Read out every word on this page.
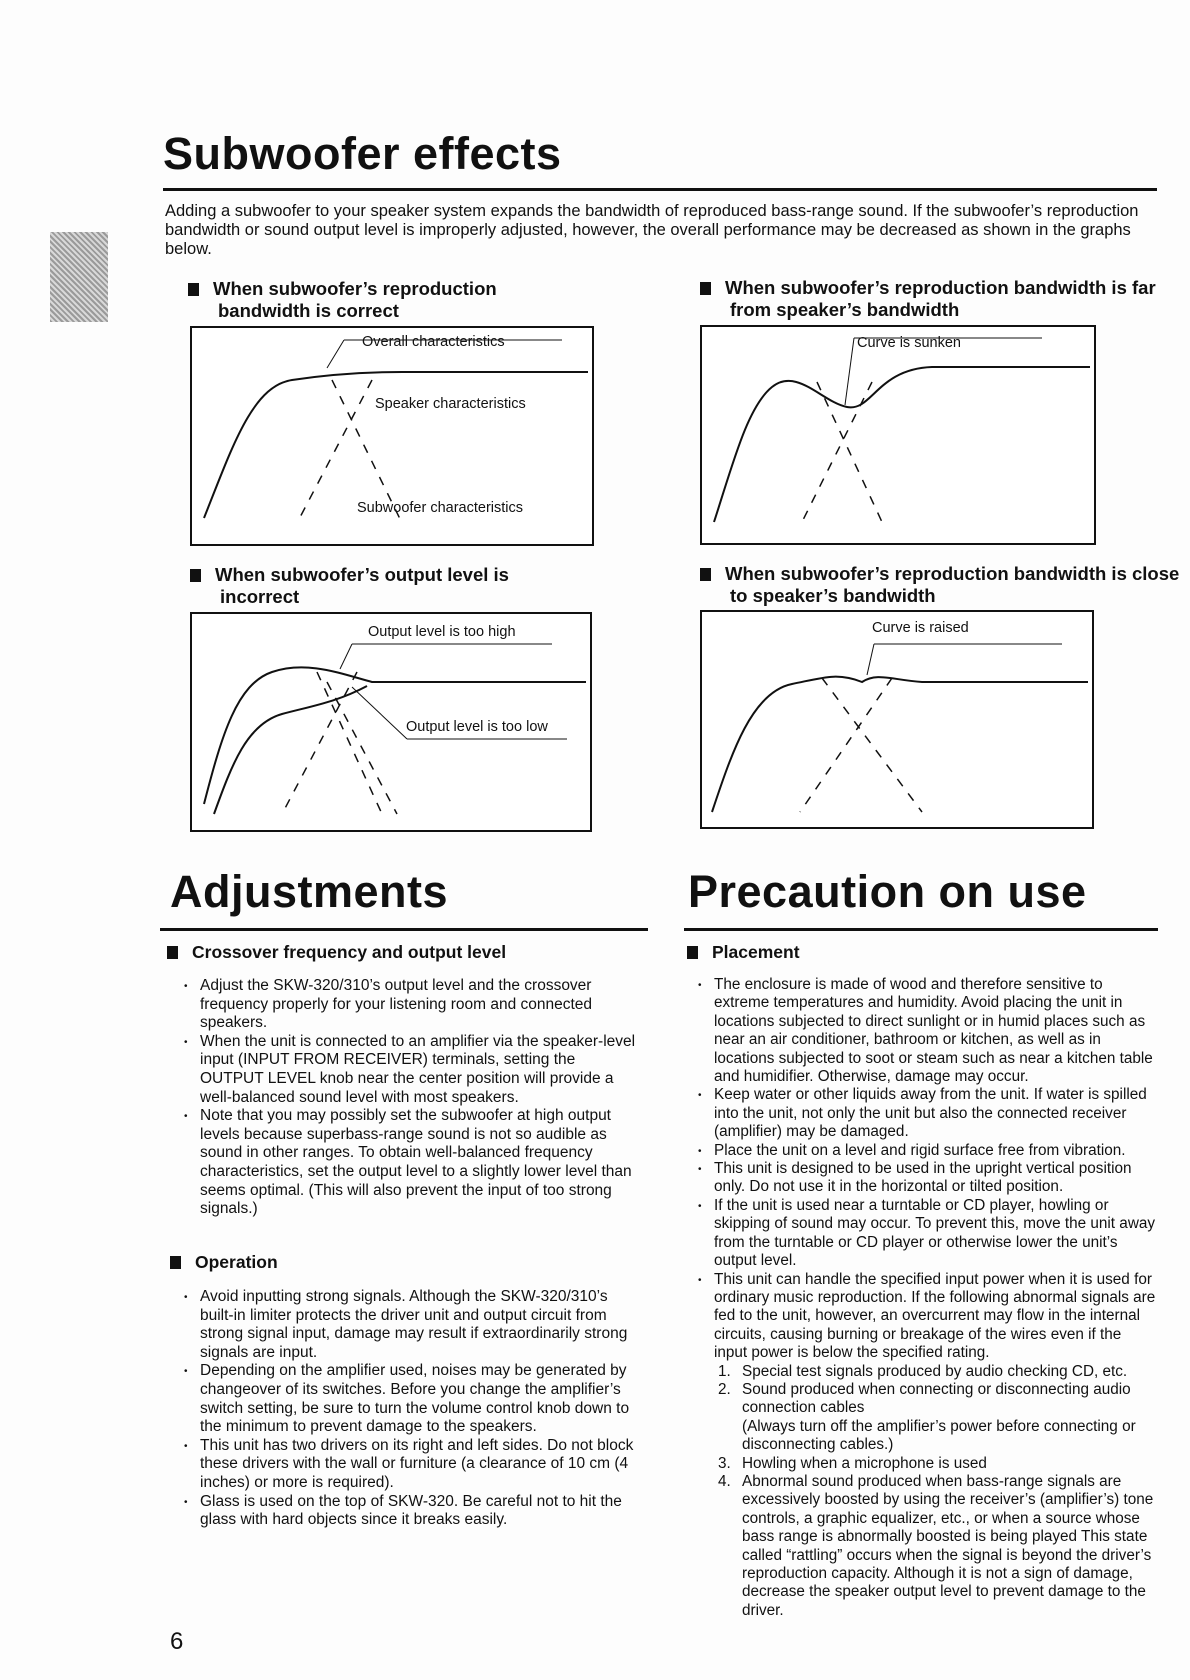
Subwoofer effects
Adding a subwoofer to your speaker system expands the bandwidth of reproduced bass-range sound. If the subwoofer’s reproduction bandwidth or sound output level is improperly adjusted, however, the overall performance may be decreased as shown in the graphs below.
When subwoofer’s reproduction bandwidth is correct
Overall characteristics
Speaker characteristics
Subwoofer characteristics
When subwoofer’s reproduction bandwidth is far from speaker’s bandwidth
Curve is sunken
When subwoofer’s output level is incorrect
Output level is too high
Output level is too low
When subwoofer’s reproduction bandwidth is close to speaker’s bandwidth
Curve is raised
Adjustments
Crossover frequency and output level
• Adjust the SKW-320/310’s output level and the crossover frequency properly for your listening room and connected speakers.
• When the unit is connected to an amplifier via the speaker-level input (INPUT FROM RECEIVER) terminals, setting the OUTPUT LEVEL knob near the center position will provide a well-balanced sound level with most speakers.
• Note that you may possibly set the subwoofer at high output levels because superbass-range sound is not so audible as sound in other ranges. To obtain well-balanced frequency characteristics, set the output level to a slightly lower level than seems optimal. (This will also prevent the input of too strong signals.)
Operation
• Avoid inputting strong signals. Although the SKW-320/310’s built-in limiter protects the driver unit and output circuit from strong signal input, damage may result if extraordinarily strong signals are input.
• Depending on the amplifier used, noises may be generated by changeover of its switches. Before you change the amplifier’s switch setting, be sure to turn the volume control knob down to the minimum to prevent damage to the speakers.
• This unit has two drivers on its right and left sides. Do not block these drivers with the wall or furniture (a clearance of 10 cm (4 inches) or more is required).
• Glass is used on the top of SKW-320. Be careful not to hit the glass with hard objects since it breaks easily.
Precaution on use
Placement
• The enclosure is made of wood and therefore sensitive to extreme temperatures and humidity. Avoid placing the unit in locations subjected to direct sunlight or in humid places such as near an air conditioner, bathroom or kitchen, as well as in locations subjected to soot or steam such as near a kitchen table and humidifier. Otherwise, damage may occur.
• Keep water or other liquids away from the unit. If water is spilled into the unit, not only the unit but also the connected receiver (amplifier) may be damaged.
• Place the unit on a level and rigid surface free from vibration.
• This unit is designed to be used in the upright vertical position only. Do not use it in the horizontal or tilted position.
• If the unit is used near a turntable or CD player, howling or skipping of sound may occur. To prevent this, move the unit away from the turntable or CD player or otherwise lower the unit’s output level.
• This unit can handle the specified input power when it is used for ordinary music reproduction. If the following abnormal signals are fed to the unit, however, an overcurrent may flow in the internal circuits, causing burning or breakage of the wires even if the input power is below the specified rating.
1. Special test signals produced by audio checking CD, etc.
2. Sound produced when connecting or disconnecting audio connection cables
(Always turn off the amplifier’s power before connecting or disconnecting cables.)
3. Howling when a microphone is used
4. Abnormal sound produced when bass-range signals are excessively boosted by using the receiver’s (amplifier’s) tone controls, a graphic equalizer, etc., or when a source whose bass range is abnormally boosted is being played This state called “rattling” occurs when the signal is beyond the driver’s reproduction capacity. Although it is not a sign of damage, decrease the speaker output level to prevent damage to the driver.
6
